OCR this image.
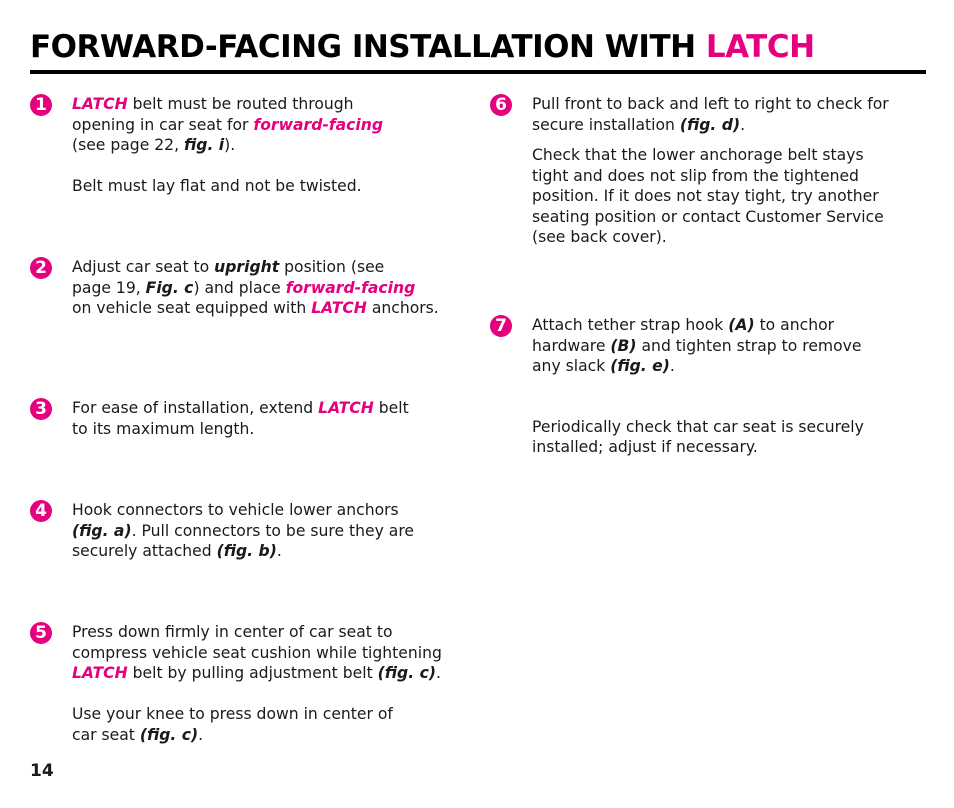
FORWARD-FACING INSTALLATION WITH LATCH
1	LATCH belt must be routed through
opening in car seat for forward-facing
(see page 22, fig. i).

Belt must lay flat and not be twisted.

2	Adjust car seat to upright position (see
page 19, Fig. c) and place forward-facing
on vehicle seat equipped with LATCH anchors.

3	For ease of installation, extend LATCH belt
to its maximum length.

4	Hook connectors to vehicle lower anchors
(fig. a). Pull connectors to be sure they are
securely attached (fig. b).

5	Press down firmly in center of car seat to
compress vehicle seat cushion while tightening
LATCH belt by pulling adjustment belt (fig. c).

Use your knee to press down in center of
car seat (fig. c).

6	Pull front to back and left to right to check for
secure installation (fig. d).

Check that the lower anchorage belt stays
tight and does not slip from the tightened
position. If it does not stay tight, try another
seating position or contact Customer Service
(see back cover).

7	Attach tether strap hook (A) to anchor
hardware (B) and tighten strap to remove
any slack (fig. e).

Periodically check that car seat is securely
installed; adjust if necessary.

14
